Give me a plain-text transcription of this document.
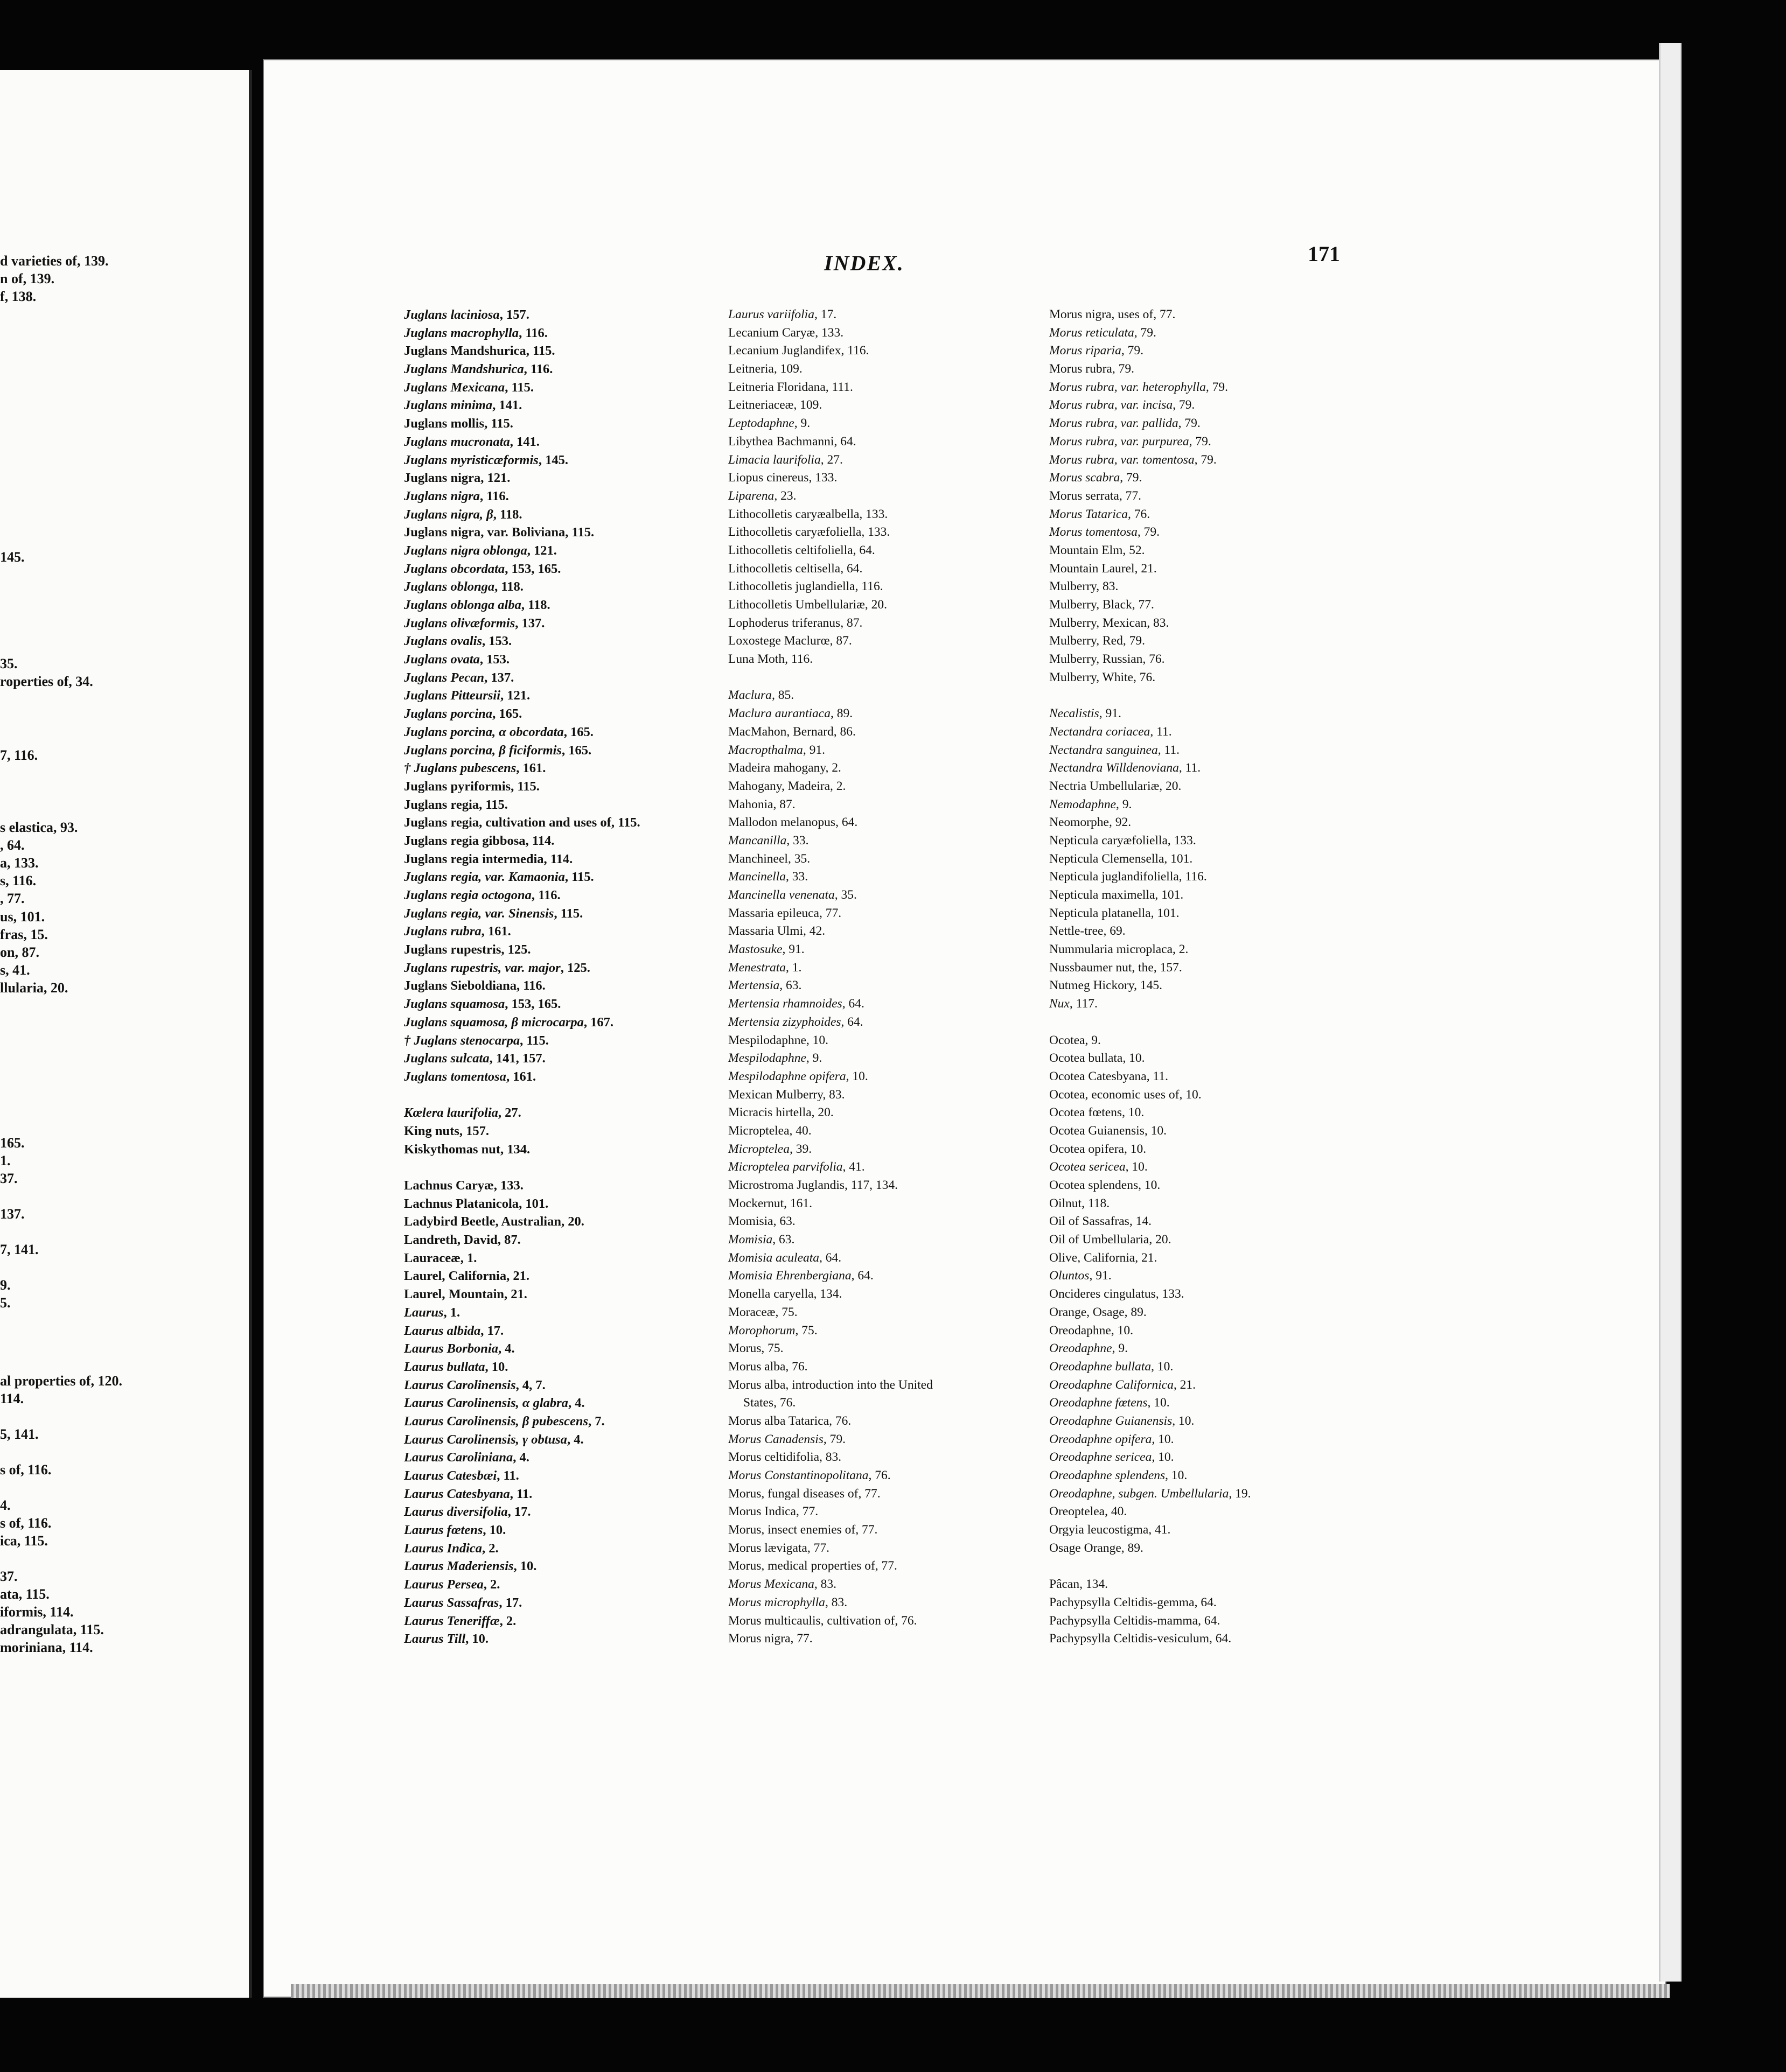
d varieties of, 139.
n of, 139.
f, 138.
145.
35.
roperties of, 34.
7, 116.
s elastica, 93.
, 64.
a, 133.
s, 116.
, 77.
us, 101.
fras, 15.
on, 87.
s, 41.
llularia, 20.
165.
1.
37.
137.
7, 141.
9.
5.
al properties of, 120.
114.
5, 141.
s of, 116.
4.
s of, 116.
ica, 115.
37.
ata, 115.
iformis, 114.
adrangulata, 115.
moriniana, 114.
INDEX.	171
Juglans laciniosa, 157.
Juglans macrophylla, 116.
Juglans Mandshurica, 115.
Juglans Mandshurica, 116.
Juglans Mexicana, 115.
Juglans minima, 141.
Juglans mollis, 115.
Juglans mucronata, 141.
Juglans myristicæformis, 145.
Juglans nigra, 121.
Juglans nigra, 116.
Juglans nigra, β, 118.
Juglans nigra, var. Boliviana, 115.
Juglans nigra oblonga, 121.
Juglans obcordata, 153, 165.
Juglans oblonga, 118.
Juglans oblonga alba, 118.
Juglans olivæformis, 137.
Juglans ovalis, 153.
Juglans ovata, 153.
Juglans Pecan, 137.
Juglans Pitteursii, 121.
Juglans porcina, 165.
Juglans porcina, α obcordata, 165.
Juglans porcina, β ficiformis, 165.
† Juglans pubescens, 161.
Juglans pyriformis, 115.
Juglans regia, 115.
Juglans regia, cultivation and uses of, 115.
Juglans regia gibbosa, 114.
Juglans regia intermedia, 114.
Juglans regia, var. Kamaonia, 115.
Juglans regia octogona, 116.
Juglans regia, var. Sinensis, 115.
Juglans rubra, 161.
Juglans rupestris, 125.
Juglans rupestris, var. major, 125.
Juglans Sieboldiana, 116.
Juglans squamosa, 153, 165.
Juglans squamosa, β microcarpa, 167.
† Juglans stenocarpa, 115.
Juglans sulcata, 141, 157.
Juglans tomentosa, 161.
Kœlera laurifolia, 27.
King nuts, 157.
Kiskythomas nut, 134.
Lachnus Caryæ, 133.
Lachnus Platanicola, 101.
Ladybird Beetle, Australian, 20.
Landreth, David, 87.
Lauraceæ, 1.
Laurel, California, 21.
Laurel, Mountain, 21.
Laurus, 1.
Laurus albida, 17.
Laurus Borbonia, 4.
Laurus bullata, 10.
Laurus Carolinensis, 4, 7.
Laurus Carolinensis, α glabra, 4.
Laurus Carolinensis, β pubescens, 7.
Laurus Carolinensis, γ obtusa, 4.
Laurus Caroliniana, 4.
Laurus Catesbæi, 11.
Laurus Catesbyana, 11.
Laurus diversifolia, 17.
Laurus fœtens, 10.
Laurus Indica, 2.
Laurus Maderiensis, 10.
Laurus Persea, 2.
Laurus Sassafras, 17.
Laurus Teneriffæ, 2.
Laurus Till, 10.
Laurus variifolia, 17.
Lecanium Caryæ, 133.
Lecanium Juglandifex, 116.
Leitneria, 109.
Leitneria Floridana, 111.
Leitneriaceæ, 109.
Leptodaphne, 9.
Libythea Bachmanni, 64.
Limacia laurifolia, 27.
Liopus cinereus, 133.
Liparena, 23.
Lithocolletis caryæalbella, 133.
Lithocolletis caryæfoliella, 133.
Lithocolletis celtifoliella, 64.
Lithocolletis celtisella, 64.
Lithocolletis juglandiella, 116.
Lithocolletis Umbellulariæ, 20.
Lophoderus triferanus, 87.
Loxostege Maclurœ, 87.
Luna Moth, 116.
Maclura, 85.
Maclura aurantiaca, 89.
MacMahon, Bernard, 86.
Macropthalma, 91.
Madeira mahogany, 2.
Mahogany, Madeira, 2.
Mahonia, 87.
Mallodon melanopus, 64.
Mancanilla, 33.
Manchineel, 35.
Mancinella, 33.
Mancinella venenata, 35.
Massaria epileuca, 77.
Massaria Ulmi, 42.
Mastosuke, 91.
Menestrata, 1.
Mertensia, 63.
Mertensia rhamnoides, 64.
Mertensia zizyphoides, 64.
Mespilodaphne, 10.
Mespilodaphne, 9.
Mespilodaphne opifera, 10.
Mexican Mulberry, 83.
Micracis hirtella, 20.
Microptelea, 40.
Microptelea, 39.
Microptelea parvifolia, 41.
Microstroma Juglandis, 117, 134.
Mockernut, 161.
Momisia, 63.
Momisia, 63.
Momisia aculeata, 64.
Momisia Ehrenbergiana, 64.
Monella caryella, 134.
Moraceæ, 75.
Morophorum, 75.
Morus, 75.
Morus alba, 76.
Morus alba, introduction into the United
States, 76.
Morus alba Tatarica, 76.
Morus Canadensis, 79.
Morus celtidifolia, 83.
Morus Constantinopolitana, 76.
Morus, fungal diseases of, 77.
Morus Indica, 77.
Morus, insect enemies of, 77.
Morus lævigata, 77.
Morus, medical properties of, 77.
Morus Mexicana, 83.
Morus microphylla, 83.
Morus multicaulis, cultivation of, 76.
Morus nigra, 77.
Morus nigra, uses of, 77.
Morus reticulata, 79.
Morus riparia, 79.
Morus rubra, 79.
Morus rubra, var. heterophylla, 79.
Morus rubra, var. incisa, 79.
Morus rubra, var. pallida, 79.
Morus rubra, var. purpurea, 79.
Morus rubra, var. tomentosa, 79.
Morus scabra, 79.
Morus serrata, 77.
Morus Tatarica, 76.
Morus tomentosa, 79.
Mountain Elm, 52.
Mountain Laurel, 21.
Mulberry, 83.
Mulberry, Black, 77.
Mulberry, Mexican, 83.
Mulberry, Red, 79.
Mulberry, Russian, 76.
Mulberry, White, 76.
Necalistis, 91.
Nectandra coriacea, 11.
Nectandra sanguinea, 11.
Nectandra Willdenoviana, 11.
Nectria Umbellulariæ, 20.
Nemodaphne, 9.
Neomorphe, 92.
Nepticula caryæfoliella, 133.
Nepticula Clemensella, 101.
Nepticula juglandifoliella, 116.
Nepticula maximella, 101.
Nepticula platanella, 101.
Nettle-tree, 69.
Nummularia microplaca, 2.
Nussbaumer nut, the, 157.
Nutmeg Hickory, 145.
Nux, 117.
Ocotea, 9.
Ocotea bullata, 10.
Ocotea Catesbyana, 11.
Ocotea, economic uses of, 10.
Ocotea fœtens, 10.
Ocotea Guianensis, 10.
Ocotea opifera, 10.
Ocotea sericea, 10.
Ocotea splendens, 10.
Oilnut, 118.
Oil of Sassafras, 14.
Oil of Umbellularia, 20.
Olive, California, 21.
Oluntos, 91.
Oncideres cingulatus, 133.
Orange, Osage, 89.
Oreodaphne, 10.
Oreodaphne, 9.
Oreodaphne bullata, 10.
Oreodaphne Californica, 21.
Oreodaphne fœtens, 10.
Oreodaphne Guianensis, 10.
Oreodaphne opifera, 10.
Oreodaphne sericea, 10.
Oreodaphne splendens, 10.
Oreodaphne, subgen. Umbellularia, 19.
Oreoptelea, 40.
Orgyia leucostigma, 41.
Osage Orange, 89.
Pâcan, 134.
Pachypsylla Celtidis-gemma, 64.
Pachypsylla Celtidis-mamma, 64.
Pachypsylla Celtidis-vesiculum, 64.
